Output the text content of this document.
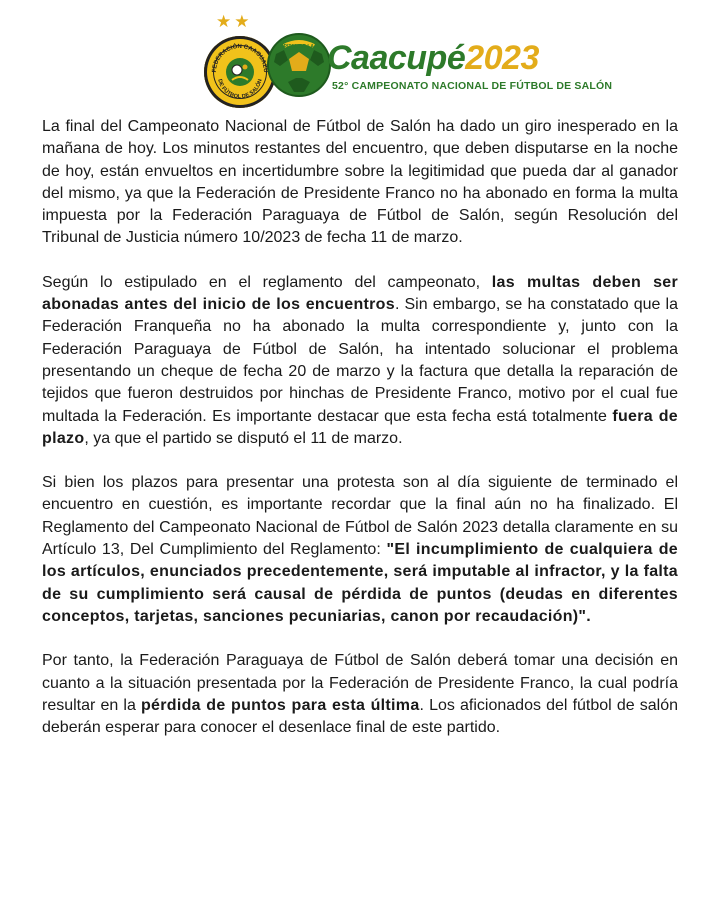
★★
FEDERACIÓN CAAGUAZÚ
DE FÚTBOL DE SALÓN
CAPITAL DE LA FE Caacupé2023
52° CAMPEONATO NACIONAL DE FÚTBOL DE SALÓN

La final del Campeonato Nacional de Fútbol de Salón ha dado un giro inesperado en la mañana de hoy. Los minutos restantes del encuentro, que deben disputarse en la noche de hoy, están envueltos en incertidumbre sobre la legitimidad que pueda dar al ganador del mismo, ya que la Federación de Presidente Franco no ha abonado en forma la multa impuesta por la Federación Paraguaya de Fútbol de Salón, según Resolución del Tribunal de Justicia número 10/2023 de fecha 11 de marzo.

Según lo estipulado en el reglamento del campeonato, las multas deben ser abonadas antes del inicio de los encuentros. Sin embargo, se ha constatado que la Federación Franqueña no ha abonado la multa correspondiente y, junto con la Federación Paraguaya de Fútbol de Salón, ha intentado solucionar el problema presentando un cheque de fecha 20 de marzo y la factura que detalla la reparación de tejidos que fueron destruidos por hinchas de Presidente Franco, motivo por el cual fue multada la Federación. Es importante destacar que esta fecha está totalmente fuera de plazo, ya que el partido se disputó el 11 de marzo.

Si bien los plazos para presentar una protesta son al día siguiente de terminado el encuentro en cuestión, es importante recordar que la final aún no ha finalizado. El Reglamento del Campeonato Nacional de Fútbol de Salón 2023 detalla claramente en su Artículo 13, Del Cumplimiento del Reglamento: "El incumplimiento de cualquiera de los artículos, enunciados precedentemente, será imputable al infractor, y la falta de su cumplimiento será causal de pérdida de puntos (deudas en diferentes conceptos, tarjetas, sanciones pecuniarias, canon por recaudación)".

Por tanto, la Federación Paraguaya de Fútbol de Salón deberá tomar una decisión en cuanto a la situación presentada por la Federación de Presidente Franco, la cual podría resultar en la pérdida de puntos para esta última. Los aficionados del fútbol de salón deberán esperar para conocer el desenlace final de este partido.
